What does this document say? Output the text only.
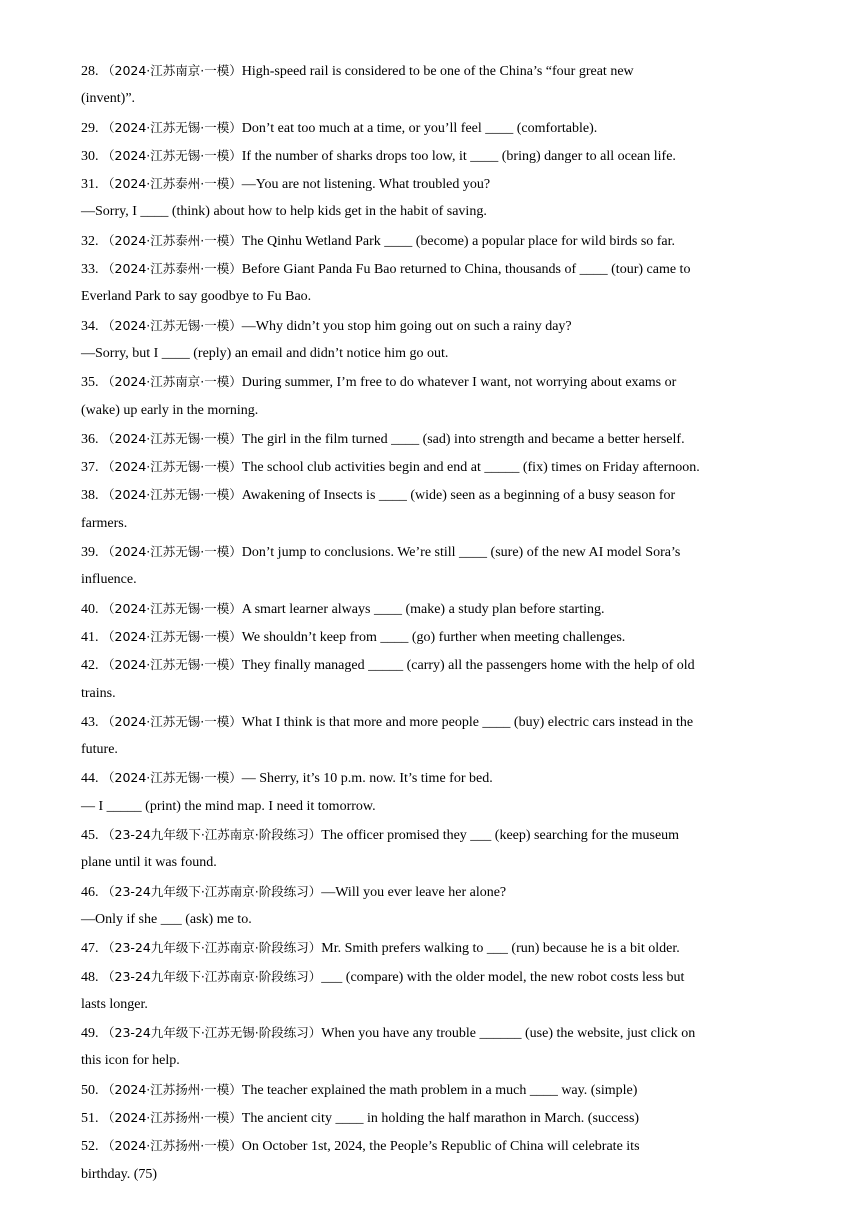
28. （2024·江苏南京·一模）High-speed rail is considered to be one of the China’s “four great new
(invent)”.
29. （2024·江苏无锡·一模）Don’t eat too much at a time, or you’ll feel ____ (comfortable).
30. （2024·江苏无锡·一模）If the number of sharks drops too low, it ____ (bring) danger to all ocean life.
31. （2024·江苏泰州·一模）—You are not listening. What troubled you?
—Sorry, I ____ (think) about how to help kids get in the habit of saving.
32. （2024·江苏泰州·一模）The Qinhu Wetland Park ____ (become) a popular place for wild birds so far.
33. （2024·江苏泰州·一模）Before Giant Panda Fu Bao returned to China, thousands of ____ (tour) came to
Everland Park to say goodbye to Fu Bao.
34. （2024·江苏无锡·一模）—Why didn’t you stop him going out on such a rainy day?
—Sorry, but I ____ (reply) an email and didn’t notice him go out.
35. （2024·江苏南京·一模）During summer, I’m free to do whatever I want, not worrying about exams or
(wake) up early in the morning.
36. （2024·江苏无锡·一模）The girl in the film turned ____ (sad) into strength and became a better herself.
37. （2024·江苏无锡·一模）The school club activities begin and end at _____ (fix) times on Friday afternoon.
38. （2024·江苏无锡·一模）Awakening of Insects is ____ (wide) seen as a beginning of a busy season for
farmers.
39. （2024·江苏无锡·一模）Don’t jump to conclusions. We’re still ____ (sure) of the new AI model Sora’s
influence.
40. （2024·江苏无锡·一模）A smart learner always ____ (make) a study plan before starting.
41. （2024·江苏无锡·一模）We shouldn’t keep from ____ (go) further when meeting challenges.
42. （2024·江苏无锡·一模）They finally managed _____ (carry) all the passengers home with the help of old
trains.
43. （2024·江苏无锡·一模）What I think is that more and more people ____ (buy) electric cars instead in the
future.
44. （2024·江苏无锡·一模）— Sherry, it’s 10 p.m. now. It’s time for bed.
— I _____ (print) the mind map. I need it tomorrow.
45. （23-24九年级下·江苏南京·阶段练习）The officer promised they ___ (keep) searching for the museum
plane until it was found.
46. （23-24九年级下·江苏南京·阶段练习）—Will you ever leave her alone?
—Only if she ___ (ask) me to.
47. （23-24九年级下·江苏南京·阶段练习）Mr. Smith prefers walking to ___ (run) because he is a bit older.
48. （23-24九年级下·江苏南京·阶段练习）___ (compare) with the older model, the new robot costs less but
lasts longer.
49. （23-24九年级下·江苏无锡·阶段练习）When you have any trouble ______ (use) the website, just click on
this icon for help.
50. （2024·江苏扬州·一模）The teacher explained the math problem in a much ____ way. (simple)
51. （2024·江苏扬州·一模）The ancient city ____ in holding the half marathon in March. (success)
52. （2024·江苏扬州·一模）On October 1st, 2024, the People’s Republic of China will celebrate its
birthday. (75)
